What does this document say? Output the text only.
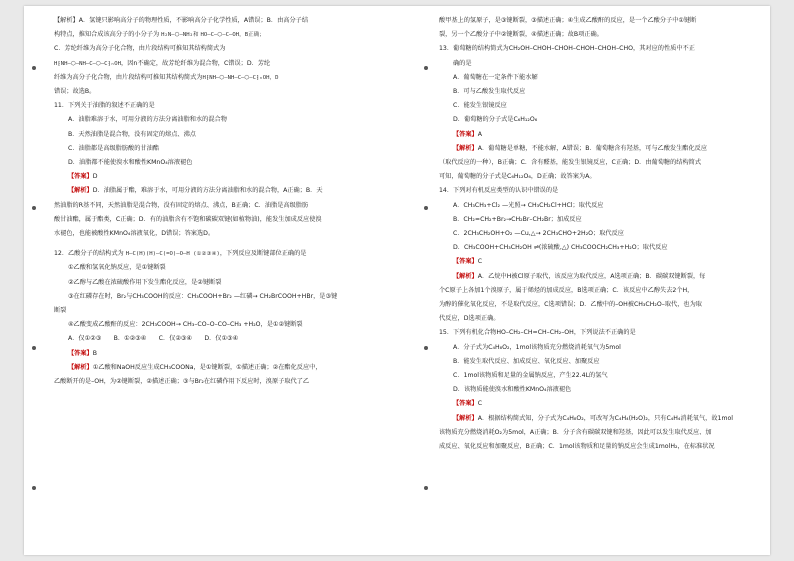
【解析】A．氢键只影响高分子的物理性质，不影响高分子化学性质，A错误；B．由高分子结

构特点，推知合成该高分子的小分子为 H₂N–⬡–NH₂和 HO–C–⬡–C–OH，B正确；

C．芳纶纤维为高分子化合物，由片段结构可推知其结构简式为

H⁅NH–⬡–NH–C–⬡–C⁆ₙOH，因n不确定，故芳纶纤维为混合物，C错误；D．芳纶

纤维为高分子化合物，由片段结构可推知其结构简式为H⁅NH–⬡–NH–C–⬡–C⁆ₙOH，D

错误；故选B。

11．下列关于油脂的叙述不正确的是

A．油脂难溶于水，可用分液的方法分离油脂和水的混合物

B．天然油脂是混合物，没有固定的熔点、沸点

C．油脂都是高级脂肪酸的甘油酯

D．油脂都不能使溴水和酸性KMnO₄溶液褪色

【答案】D

【解析】D．油脂属于酯，难溶于水，可用分液的方法分离油脂和水的混合物，A正确；B．天

然油脂的R基不同，天然油脂是混合物，没有固定的熔点、沸点，B正确；C．油脂是高级脂肪

酸甘油酯，属于酯类，C正确；D．有的油脂含有不饱和碳碳双键(如植物油)，能发生加成反应使溴

水褪色，也能被酸性KMnO₄溶液氧化，D错误；答案选D。

12．乙酸分子的结构式为 H–C(H)(H)–C(=O)–O–H (①②③④)，下列反应及断键部位正确的是

①乙酸和氢氧化钠反应，是①键断裂

②乙醇与乙酸在浓硫酸作用下发生酯化反应，是②键断裂

③在红磷存在时，Br₂与CH₃COOH的反应：CH₃COOH+Br₂ —红磷→ CH₂BrCOOH+HBr，是③键

断裂

④乙酸变成乙酸酐的反应：2CH₃COOH→ CH₃–CO–O–CO–CH₃ +H₂O，是①②键断裂

A．仅①②③　　B．①②③④　　C．仅②③④　　D．仅①③④

【答案】B

【解析】①乙酸和NaOH反应生成CH₃COONa，是①键断裂，①描述正确；②在酯化反应中，

乙酸断开的是–OH，为②键断裂，②描述正确；③与Br₂在红磷作用下反应时，溴原子取代了乙

酸甲基上的氢原子，是③键断裂，③描述正确；④生成乙酸酐的反应，是一个乙酸分子中①键断

裂，另一个乙酸分子中②键断裂，④描述正确；故B项正确。

13．葡萄糖的结构简式为CH₂OH–CHOH–CHOH–CHOH–CHOH–CHO，其对应的性质中不正

确的是

A．葡萄糖在一定条件下能水解

B．可与乙酸发生取代反应

C．能发生银镜反应

D．葡萄糖的分子式是C₆H₁₂O₆

【答案】A

【解析】A．葡萄糖是单糖，不能水解，A错误；B．葡萄糖含有羟基，可与乙酸发生酯化反应

（取代反应的一种），B正确；C．含有醛基，能发生银镜反应，C正确；D．由葡萄糖的结构简式

可知，葡萄糖的分子式是C₆H₁₂O₆，D正确；故答案为A。

14．下列对有机反应类型的认识中错误的是

A．CH₃CH₃+Cl₂ —光照→ CH₃CH₂Cl+HCl；取代反应

B．CH₂=CH₂+Br₂→CH₂Br–CH₂Br；加成反应

C．2CH₃CH₂OH+O₂ —Cu,△→ 2CH₃CHO+2H₂O；取代反应

D．CH₃COOH+CH₃CH₂OH ⇌(浓硫酸,△) CH₃COOCH₂CH₃+H₂O；取代反应

【答案】C

【解析】A．乙烷中H被Cl原子取代，该反应为取代反应，A选项正确；B．碳碳双键断裂，每

个C原子上各加1个溴原子，属于烯烃的加成反应，B选项正确；C．该反应中乙醇失去2个H，

为醇的催化氧化反应，不是取代反应，C选项错误；D．乙酸中的–OH被CH₃CH₂O–取代，也为取

代反应，D选项正确。

15．下列有机化合物HO–CH₂–CH=CH–CH₂–OH，下列说法不正确的是

A．分子式为C₄H₈O₂，1mol该物质充分燃烧消耗氧气为5mol

B．能发生取代反应、加成反应、氧化反应、加聚反应

C．1mol该物质和足量的金属钠反应，产生22.4L的氢气

D．该物质能使溴水和酸性KMnO₄溶液褪色

【答案】C

【解析】A．根据结构简式知，分子式为C₄H₈O₂，可改写为C₄H₄(H₂O)₂，只有C₄H₄消耗氧气，故1mol

该物质充分燃烧消耗O₂为5mol，A正确；B．分子含有碳碳双键和羟基，因此可以发生取代反应、加

成反应、氧化反应和加聚反应，B正确；C．1mol该物质和足量的钠反应会生成1molH₂，在标准状况
